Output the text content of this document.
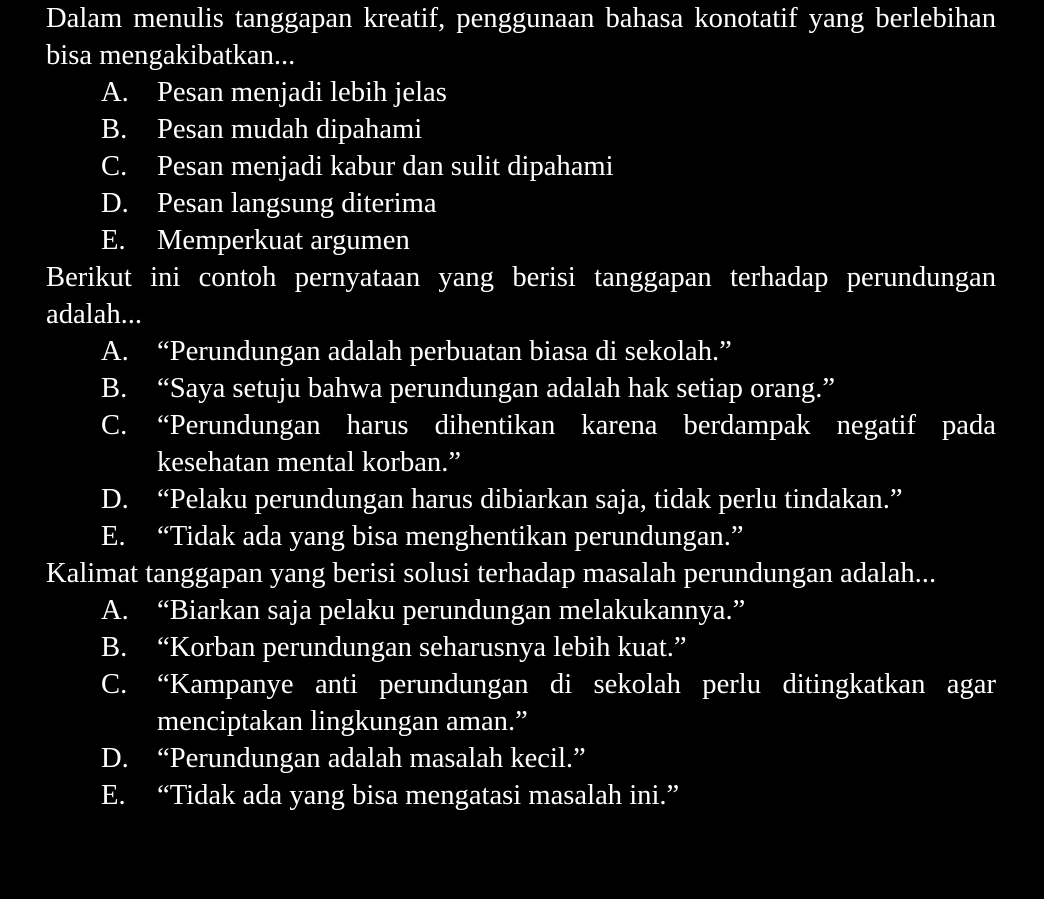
Dalam menulis tanggapan kreatif, penggunaan bahasa konotatif yang berlebihan bisa mengakibatkan...

A. Pesan menjadi lebih jelas
B.	Pesan mudah dipahami
C.	Pesan menjadi kabur dan sulit dipahami
D. Pesan langsung diterima
E.	Memperkuat argumen

Berikut ini contoh pernyataan yang berisi tanggapan terhadap perundungan adalah...

A. “Perundungan adalah perbuatan biasa di sekolah.”
B.	“Saya setuju bahwa perundungan adalah hak setiap orang.”
C.	“Perundungan harus dihentikan karena berdampak negatif pada kesehatan mental korban.”
D. “Pelaku perundungan harus dibiarkan saja, tidak perlu tindakan.”
E.	“Tidak ada yang bisa menghentikan perundungan.”

Kalimat tanggapan yang berisi solusi terhadap masalah perundungan adalah...

A. “Biarkan saja pelaku perundungan melakukannya.”
B.	“Korban perundungan seharusnya lebih kuat.”
C.	“Kampanye anti perundungan di sekolah perlu ditingkatkan agar menciptakan lingkungan aman.”
D. “Perundungan adalah masalah kecil.”
E.	“Tidak ada yang bisa mengatasi masalah ini.”
